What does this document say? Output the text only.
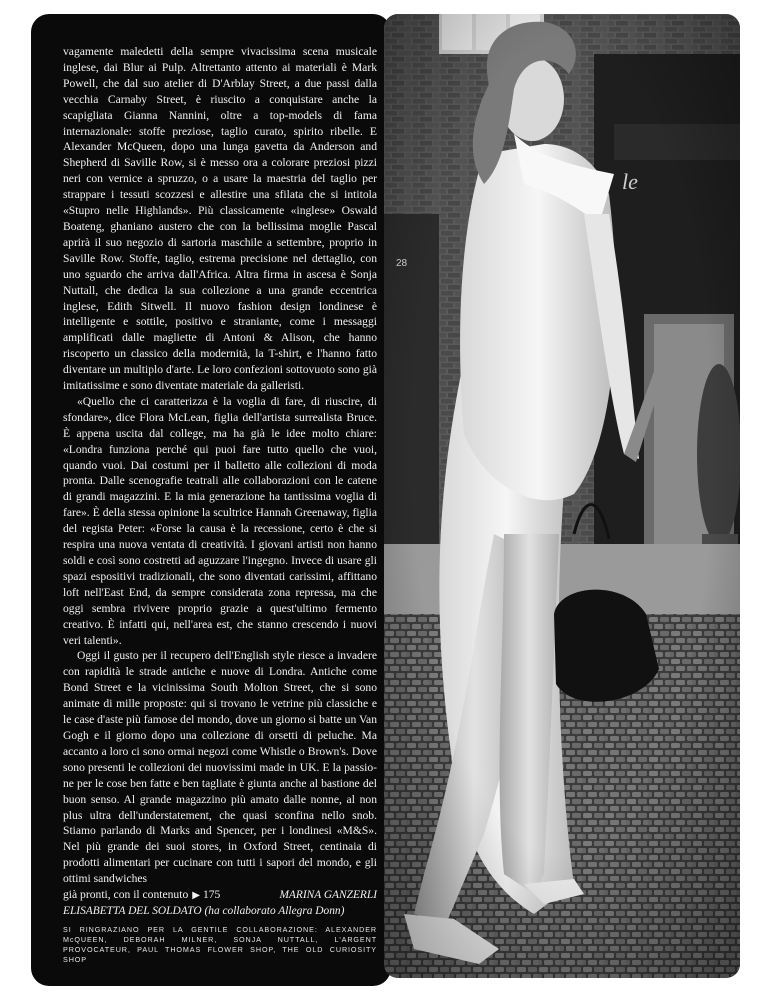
vagamente maledetti della sempre vivacissima scena musicale inglese, dai Blur ai Pulp. Altrettanto attento ai materiali è Mark Powell, che dal suo atelier di D'Arblay Street, a due passi dalla vecchia Carnaby Street, è riuscito a conquistare anche la scapigliata Gianna Nannini, oltre a top-models di fama internazionale: stoffe preziose, taglio curato, spirito ribelle. E Alexander McQueen, dopo una lunga gavetta da Anderson and Shepherd di Saville Row, si è messo ora a colorare preziosi pizzi neri con vernice a spruzzo, o a usare la maestria del taglio per strappare i tessuti scozzesi e allestire una sfilata che si intitola «Stupro nelle Highlands». Più classicamente «inglese» Oswald Boateng, ghaniano austero che con la bellissima moglie Pascal aprirà il suo negozio di sartoria maschile a settembre, proprio in Saville Row. Stoffe, taglio, estrema precisione nel dettaglio, con uno sguardo che arriva dall'Africa. Altra firma in ascesa è Sonja Nuttall, che dedica la sua collezione a una grande eccentrica inglese, Edith Sitwell. Il nuovo fashion design londinese è intelligente e sottile, positivo e straniante, come i messaggi amplificati dalle magliette di Antoni & Alison, che hanno riscoperto un classico della modernità, la T-shirt, e l'hanno fatto diventare un multiplo d'arte. Le loro confezioni sottovuoto sono già imitatissime e sono diventate materiale da galleristi.

«Quello che ci caratterizza è la voglia di fare, di riuscire, di sfondare», dice Flora McLean, figlia dell'artista surrealista Bruce. È appena uscita dal college, ma ha già le idee molto chiare: «Londra funziona perché qui puoi fare tutto quello che vuoi, quando vuoi. Dai costumi per il balletto alle collezioni di moda pronta. Dalle scenografie teatrali alle collaborazioni con le catene di grandi magazzini. E la mia generazione ha tantissima voglia di fare». È della stessa opinione la scultrice Hannah Greenaway, figlia del regista Peter: «Forse la causa è la recessione, certo è che si respira una nuova ventata di creatività. I giovani artisti non hanno soldi e così sono costretti ad aguzzare l'ingegno. Invece di usare gli spazi espositivi tradizionali, che sono diventati carissimi, affittano loft nell'East End, da sempre considerata zona repressa, ma che oggi sembra rivivere proprio grazie a quest'ultimo fermento creativo. È infatti qui, nell'area est, che stanno crescendo i nuovi veri talenti».

Oggi il gusto per il recupero dell'English style riesce a invadere con rapidità le strade antiche e nuove di Londra. Antiche come Bond Street e la vicinissima South Molton Street, che si sono animate di mille proposte: qui si trovano le vetrine più classiche e le case d'aste più famose del mondo, dove un giorno si batte un Van Gogh e il giorno dopo una collezione di orsetti di peluche. Ma accanto a loro ci sono ormai negozi come Whistle o Brown's. Dove sono presenti le collezioni dei nuovissimi made in UK. E la passione per le cose ben fatte e ben tagliate è giunta anche al bastione del buon senso. Al grande magazzino più amato dalle nonne, al non plus ultra dell'understatement, che quasi sconfina nello snob. Stiamo parlando di Marks and Spencer, per i londinesi «M&S». Nel più grande dei suoi stores, in Oxford Street, centinaia di prodotti alimentari per cucinare con tutti i sapori del mondo, e gli ottimi sandwiches

già pronti, con il contenuto ▶ 175	MARINA GANZERLI
ELISABETTA DEL SOLDATO (ha collaborato Allegra Donn)
SI RINGRAZIANO PER LA GENTILE COLLABORAZIONE: ALEXANDER McQUEEN, DEBORAH MILNER, SONJA NUTTALL, L'ARGENT PROVOCATEUR, PAUL THOMAS FLOWER SHOP, THE OLD CURIOSITY SHOP
